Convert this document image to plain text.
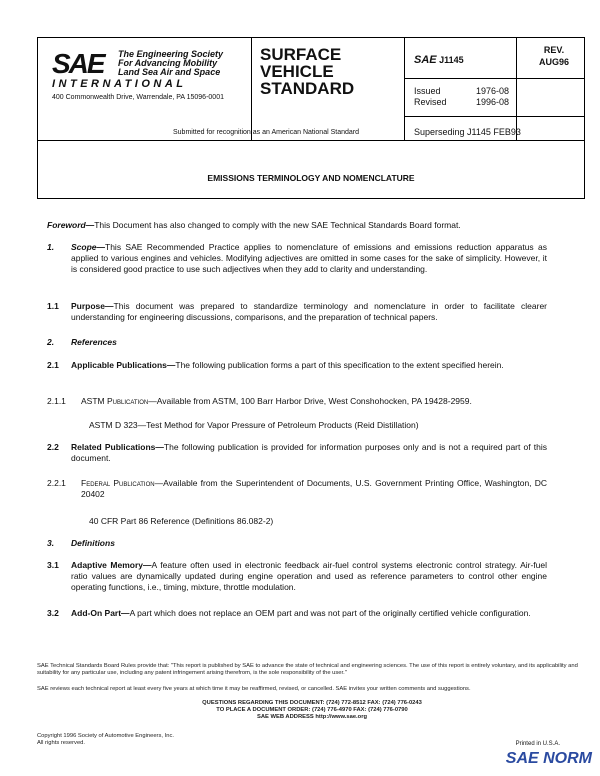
SAE The Engineering Society
For Advancing Mobility
Land Sea Air and Space
INTERNATIONAL
400 Commonwealth Drive, Warrendale, PA 15096-0001
Submitted for recognition as an American National Standard
SURFACE
VEHICLE
STANDARD
SAE J1145
REV.
AUG96
Issued	1976-08
Revised	1996-08
Superseding J1145 FEB93
EMISSIONS TERMINOLOGY AND NOMENCLATURE
Foreword—This Document has also changed to comply with the new SAE Technical Standards Board format.
1. Scope—This SAE Recommended Practice applies to nomenclature of emissions and emissions reduction apparatus as applied to various engines and vehicles. Modifying adjectives are omitted in some cases for the sake of simplicity. However, it is considered good practice to use such adjectives when they add to clarity and understanding.
1.1 Purpose—This document was prepared to standardize terminology and nomenclature in order to facilitate clearer understanding for engineering discussions, comparisons, and the preparation of technical papers.
2. References
2.1 Applicable Publications—The following publication forms a part of this specification to the extent specified herein.
2.1.1 ASTM Publication—Available from ASTM, 100 Barr Harbor Drive, West Conshohocken, PA 19428-2959.
ASTM D 323—Test Method for Vapor Pressure of Petroleum Products (Reid Distillation)
2.2 Related Publications—The following publication is provided for information purposes only and is not a required part of this document.
2.2.1 Federal Publication—Available from the Superintendent of Documents, U.S. Government Printing Office, Washington, DC 20402
40 CFR Part 86 Reference (Definitions 86.082-2)
3. Definitions
3.1 Adaptive Memory—A feature often used in electronic feedback air-fuel control systems electronic control strategy. Air-fuel ratio values are dynamically updated during engine operation and used as reference parameters to control other engine operating functions, i.e., timing, mixture, throttle modulation.
3.2 Add-On Part—A part which does not replace an OEM part and was not part of the originally certified vehicle configuration.
SAE Technical Standards Board Rules provide that: "This report is published by SAE to advance the state of technical and engineering sciences. The use of this report is entirely voluntary, and its applicability and suitability for any particular use, including any patent infringement arising therefrom, is the sole responsibility of the user."
SAE reviews each technical report at least every five years at which time it may be reaffirmed, revised, or cancelled. SAE invites your written comments and suggestions.
QUESTIONS REGARDING THIS DOCUMENT: (724) 772-8512 FAX: (724) 776-0243
TO PLACE A DOCUMENT ORDER: (724) 776-4970 FAX: (724) 776-0790
SAE WEB ADDRESS http://www.sae.org
Copyright 1996 Society of Automotive Engineers, Inc.
All rights reserved.	Printed in U.S.A.
SAE NORM
